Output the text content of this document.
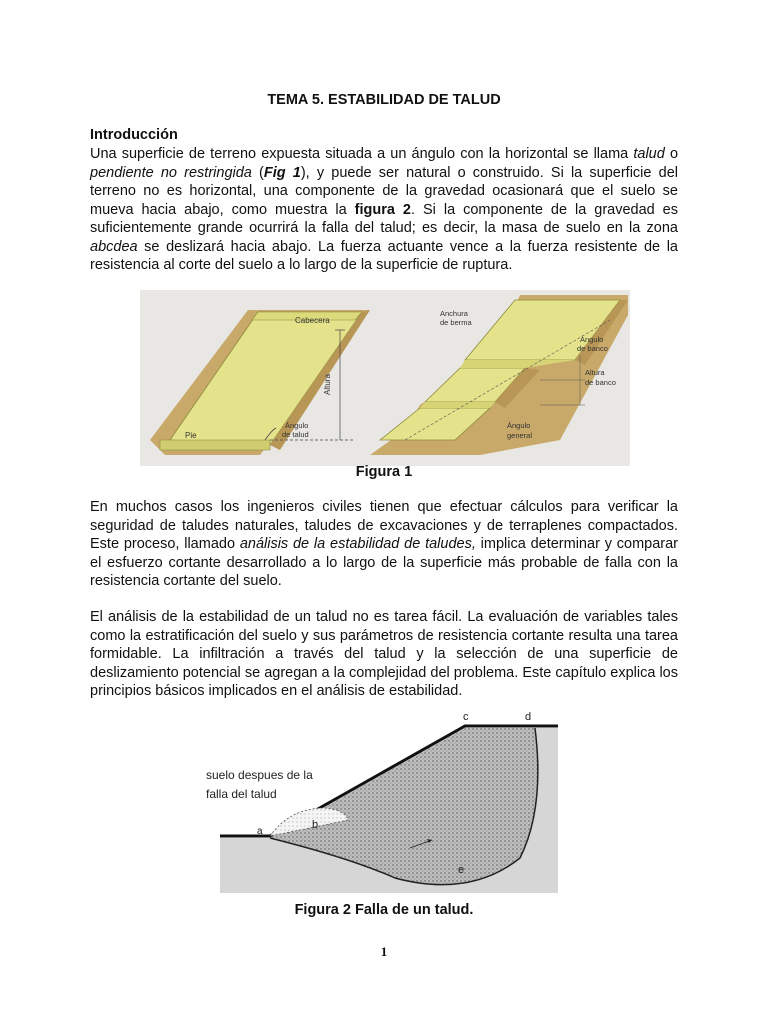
TEMA 5. ESTABILIDAD DE TALUD

Introducción

Una superficie de terreno expuesta situada a un ángulo con la horizontal se llama talud o pendiente no restringida (Fig 1), y puede ser natural o construido. Si la superficie del terreno no es horizontal, una componente de la gravedad ocasionará que el suelo se mueva hacia abajo, como muestra la figura 2. Si la componente de la gravedad es suficientemente grande ocurrirá la falla del talud; es decir, la masa de suelo en la zona abcdea se deslizará hacia abajo. La fuerza actuante vence a la fuerza resistente de la resistencia al corte del suelo a lo largo de la superficie de ruptura.

Cabecera
Altura
Pie
Ángulo
de talud
Anchura
de berma
Ángulo
de banco
Altura
de banco
Ángulo
general
Figura 1

En muchos casos los ingenieros civiles tienen que efectuar cálculos para verificar la seguridad de taludes naturales, taludes de excavaciones y de terraplenes compactados. Este proceso, llamado análisis de la estabilidad de taludes, implica determinar y comparar el esfuerzo cortante desarrollado a lo largo de la superficie más probable de falla con la resistencia cortante del suelo.

El análisis de la estabilidad de un talud no es tarea fácil. La evaluación de variables tales como la estratificación del suelo y sus parámetros de resistencia cortante resulta una tarea formidable. La infiltración a través del talud y la selección de una superficie de deslizamiento potencial se agregan a la complejidad del problema. Este capítulo explica los principios básicos implicados en el análisis de estabilidad.

c	d
a
b
e
suelo despues de la
falla del talud
Figura 2 Falla de un talud.
1
